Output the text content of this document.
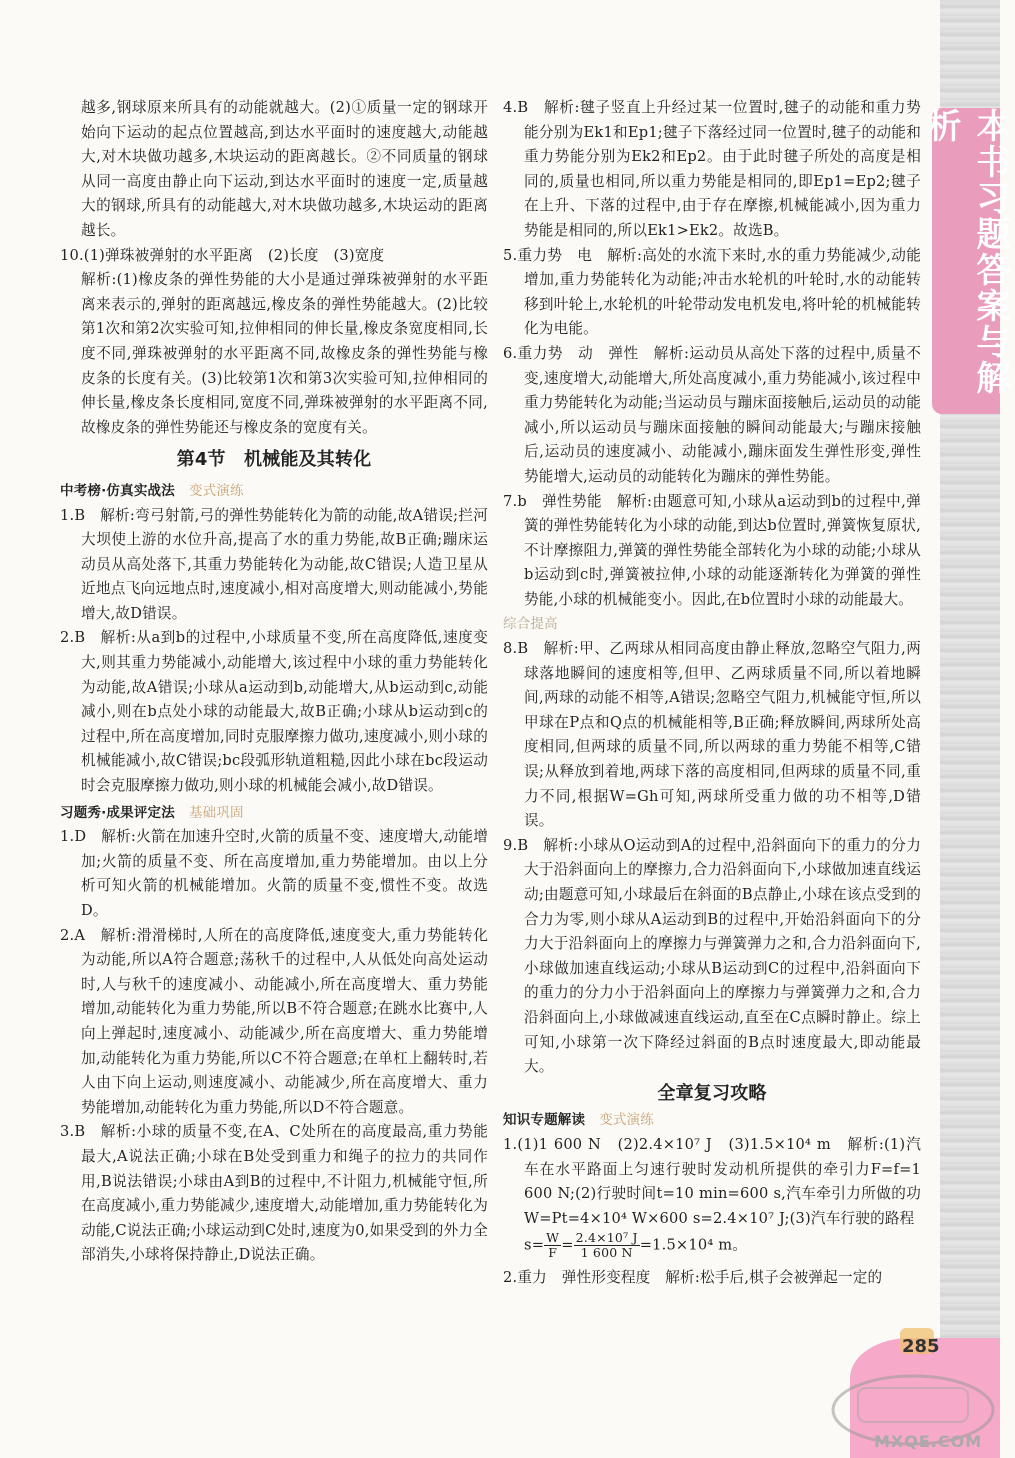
本书习题答案与解析

越多,钢球原来所具有的动能就越大。(2)①质量一定的钢球开始向下运动的起点位置越高,到达水平面时的速度越大,动能越大,对木块做功越多,木块运动的距离越长。②不同质量的钢球从同一高度由静止向下运动,到达水平面时的速度一定,质量越大的钢球,所具有的动能越大,对木块做功越多,木块运动的距离越长。

10.(1)弹珠被弹射的水平距离　(2)长度　(3)宽度

解析:(1)橡皮条的弹性势能的大小是通过弹珠被弹射的水平距离来表示的,弹射的距离越远,橡皮条的弹性势能越大。(2)比较第1次和第2次实验可知,拉伸相同的伸长量,橡皮条宽度相同,长度不同,弹珠被弹射的水平距离不同,故橡皮条的弹性势能与橡皮条的长度有关。(3)比较第1次和第3次实验可知,拉伸相同的伸长量,橡皮条长度相同,宽度不同,弹珠被弹射的水平距离不同,故橡皮条的弹性势能还与橡皮条的宽度有关。

第4节　机械能及其转化
中考榜·仿真实战法 变式演练

1.B　解析:弯弓射箭,弓的弹性势能转化为箭的动能,故A错误;拦河大坝使上游的水位升高,提高了水的重力势能,故B正确;蹦床运动员从高处落下,其重力势能转化为动能,故C错误;人造卫星从近地点飞向远地点时,速度减小,相对高度增大,则动能减小,势能增大,故D错误。

2.B　解析:从a到b的过程中,小球质量不变,所在高度降低,速度变大,则其重力势能减小,动能增大,该过程中小球的重力势能转化为动能,故A错误;小球从a运动到b,动能增大,从b运动到c,动能减小,则在b点处小球的动能最大,故B正确;小球从b运动到c的过程中,所在高度增加,同时克服摩擦力做功,速度减小,则小球的机械能减小,故C错误;bc段弧形轨道粗糙,因此小球在bc段运动时会克服摩擦力做功,则小球的机械能会减小,故D错误。

习题秀·成果评定法 基础巩固

1.D　解析:火箭在加速升空时,火箭的质量不变、速度增大,动能增加;火箭的质量不变、所在高度增加,重力势能增加。由以上分析可知火箭的机械能增加。火箭的质量不变,惯性不变。故选D。

2.A　解析:滑滑梯时,人所在的高度降低,速度变大,重力势能转化为动能,所以A符合题意;荡秋千的过程中,人从低处向高处运动时,人与秋千的速度减小、动能减小,所在高度增大、重力势能增加,动能转化为重力势能,所以B不符合题意;在跳水比赛中,人向上弹起时,速度减小、动能减少,所在高度增大、重力势能增加,动能转化为重力势能,所以C不符合题意;在单杠上翻转时,若人由下向上运动,则速度减小、动能减少,所在高度增大、重力势能增加,动能转化为重力势能,所以D不符合题意。

3.B　解析:小球的质量不变,在A、C处所在的高度最高,重力势能最大,A说法正确;小球在B处受到重力和绳子的拉力的共同作用,B说法错误;小球由A到B的过程中,不计阻力,机械能守恒,所在高度减小,重力势能减少,速度增大,动能增加,重力势能转化为动能,C说法正确;小球运动到C处时,速度为0,如果受到的外力全部消失,小球将保持静止,D说法正确。

4.B　解析:毽子竖直上升经过某一位置时,毽子的动能和重力势能分别为Ek1和Ep1;毽子下落经过同一位置时,毽子的动能和重力势能分别为Ek2和Ep2。由于此时毽子所处的高度是相同的,质量也相同,所以重力势能是相同的,即Ep1=Ep2;毽子在上升、下落的过程中,由于存在摩擦,机械能减小,因为重力势能是相同的,所以Ek1>Ek2。故选B。

5.重力势　电　解析:高处的水流下来时,水的重力势能减少,动能增加,重力势能转化为动能;冲击水轮机的叶轮时,水的动能转移到叶轮上,水轮机的叶轮带动发电机发电,将叶轮的机械能转化为电能。

6.重力势　动　弹性　解析:运动员从高处下落的过程中,质量不变,速度增大,动能增大,所处高度减小,重力势能减小,该过程中重力势能转化为动能;当运动员与蹦床面接触后,运动员的动能减小,所以运动员与蹦床面接触的瞬间动能最大;与蹦床接触后,运动员的速度减小、动能减小,蹦床面发生弹性形变,弹性势能增大,运动员的动能转化为蹦床的弹性势能。

7.b　弹性势能　解析:由题意可知,小球从a运动到b的过程中,弹簧的弹性势能转化为小球的动能,到达b位置时,弹簧恢复原状,不计摩擦阻力,弹簧的弹性势能全部转化为小球的动能;小球从b运动到c时,弹簧被拉伸,小球的动能逐渐转化为弹簧的弹性势能,小球的机械能变小。因此,在b位置时小球的动能最大。

综合提高

8.B　解析:甲、乙两球从相同高度由静止释放,忽略空气阻力,两球落地瞬间的速度相等,但甲、乙两球质量不同,所以着地瞬间,两球的动能不相等,A错误;忽略空气阻力,机械能守恒,所以甲球在P点和Q点的机械能相等,B正确;释放瞬间,两球所处高度相同,但两球的质量不同,所以两球的重力势能不相等,C错误;从释放到着地,两球下落的高度相同,但两球的质量不同,重力不同,根据W=Gh可知,两球所受重力做的功不相等,D错误。

9.B　解析:小球从O运动到A的过程中,沿斜面向下的重力的分力大于沿斜面向上的摩擦力,合力沿斜面向下,小球做加速直线运动;由题意可知,小球最后在斜面的B点静止,小球在该点受到的合力为零,则小球从A运动到B的过程中,开始沿斜面向下的分力大于沿斜面向上的摩擦力与弹簧弹力之和,合力沿斜面向下,小球做加速直线运动;小球从B运动到C的过程中,沿斜面向下的重力的分力小于沿斜面向上的摩擦力与弹簧弹力之和,合力沿斜面向上,小球做减速直线运动,直至在C点瞬时静止。综上可知,小球第一次下降经过斜面的B点时速度最大,即动能最大。

全章复习攻略
知识专题解读 变式演练

1.(1)1 600 N　(2)2.4×10⁷ J　(3)1.5×10⁴ m　解析:(1)汽车在水平路面上匀速行驶时发动机所提供的牵引力F=f=1 600 N;(2)行驶时间t=10 min=600 s,汽车牵引力所做的功W=Pt=4×10⁴ W×600 s=2.4×10⁷ J;(3)汽车行驶的路程

$s= \frac{W}{F} = \frac{\text{2.4×10⁷ J}}{1 600 N} =1.5\times 10^4$ m。

2.重力　弹性形变程度　解析:松手后,棋子会被弹起一定的

285
MXQE.COM
